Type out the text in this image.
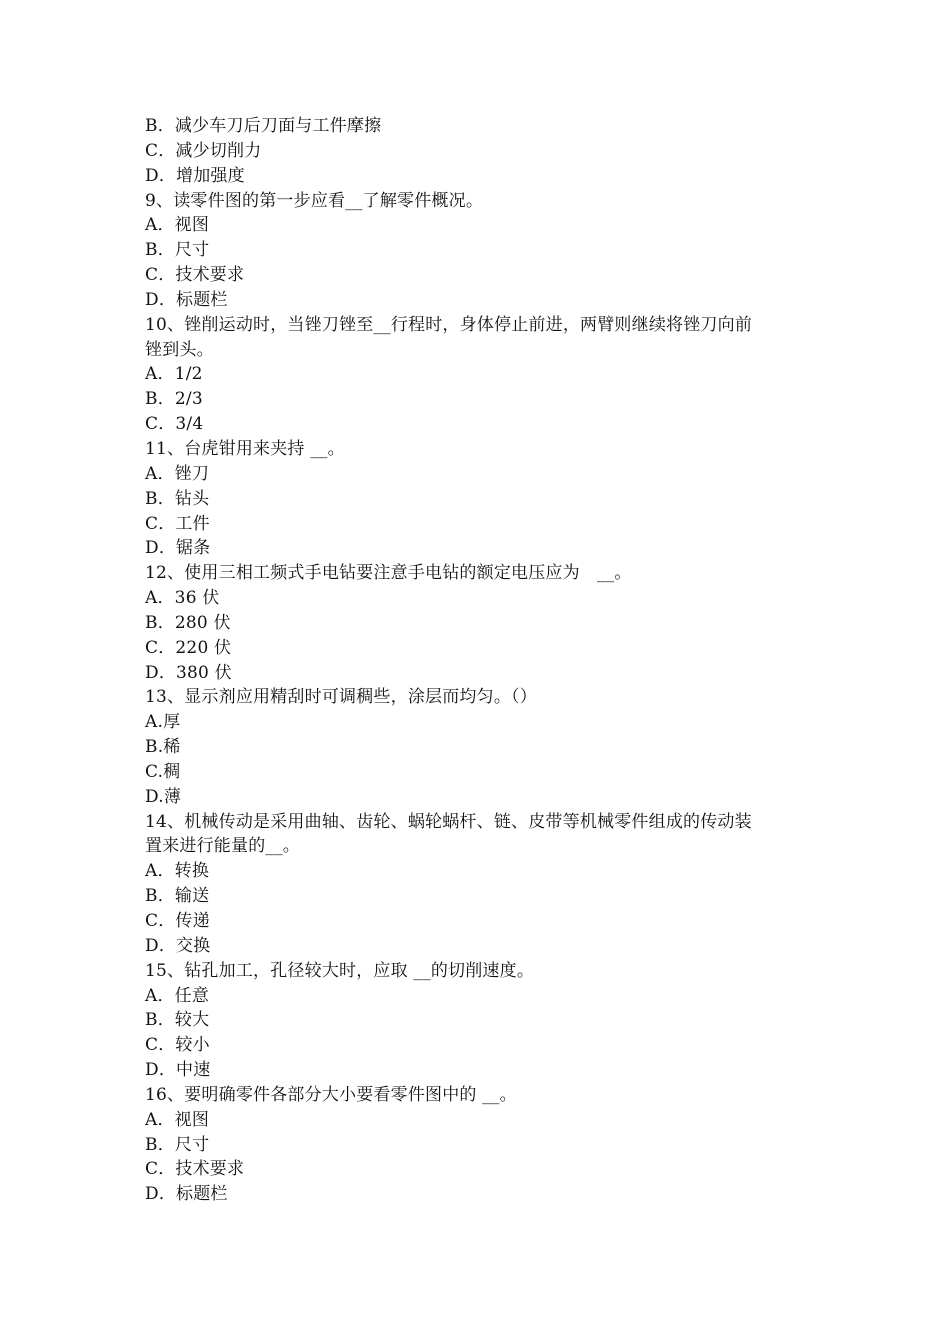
B．减少车刀后刀面与工件摩擦
C．减少切削力
D．增加强度
9、读零件图的第一步应看__了解零件概况。
A．视图
B．尺寸
C．技术要求
D．标题栏
10、锉削运动时，当锉刀锉至__行程时，身体停止前进，两臂则继续将锉刀向前
锉到头。
A．1/2
B．2/3
C．3/4
11、台虎钳用来夹持 __。
A．锉刀
B．钻头
C．工件
D．锯条
12、使用三相工频式手电钻要注意手电钻的额定电压应为　__。
A．36 伏
B．280 伏
C．220 伏
D．380 伏
13、显示剂应用精刮时可调稠些，涂层而均匀。（）
A.厚
B.稀
C.稠
D.薄
14、机械传动是采用曲轴、齿轮、蜗轮蜗杆、链、皮带等机械零件组成的传动装
置来进行能量的__。
A．转换
B．输送
C．传递
D．交换
15、钻孔加工，孔径较大时，应取 __的切削速度。
A．任意
B．较大
C．较小
D．中速
16、要明确零件各部分大小要看零件图中的 __。
A．视图
B．尺寸
C．技术要求
D．标题栏
